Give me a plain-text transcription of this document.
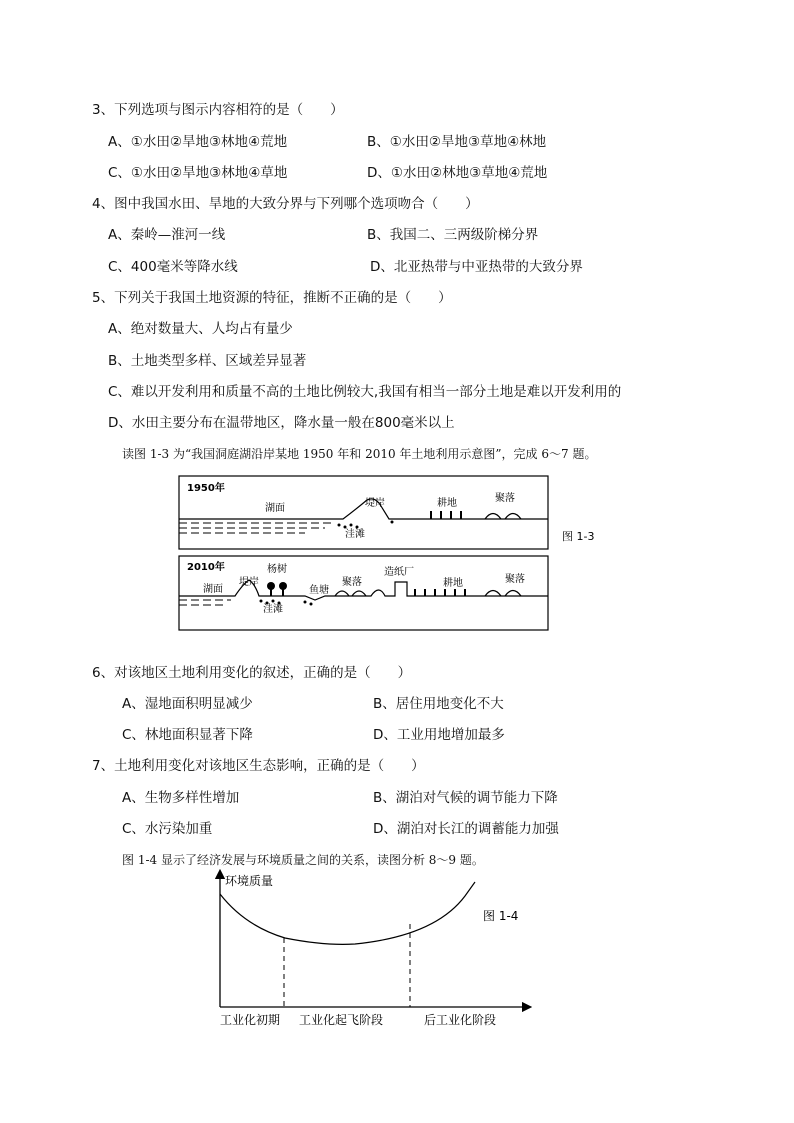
3、下列选项与图示内容相符的是（　　）
A、①水田②旱地③林地④荒地	B、①水田②旱地③草地④林地
C、①水田②旱地③林地④草地	D、①水田②林地③草地④荒地
4、图中我国水田、旱地的大致分界与下列哪个选项吻合（　　）
A、秦岭—淮河一线	B、我国二、三两级阶梯分界
C、400毫米等降水线	D、北亚热带与中亚热带的大致分界
5、下列关于我国土地资源的特征，推断不正确的是（　　）
A、绝对数量大、人均占有量少
B、土地类型多样、区域差异显著
C、难以开发利用和质量不高的土地比例较大,我国有相当一部分土地是难以开发利用的
D、水田主要分布在温带地区，降水量一般在800毫米以上
读图 1-3 为“我国洞庭湖沿岸某地 1950 年和 2010 年土地利用示意图”，完成 6～7 题。
1950年
湖面	堤岸	耕地	聚落
洼滩	图 1-3
2010年
湖面
堤岸
杨树
鱼塘
聚落
造纸厂
耕地	聚落
洼滩
6、对该地区土地利用变化的叙述，正确的是（　　）
A、湿地面积明显减少	B、居住用地变化不大
C、林地面积显著下降	D、工业用地增加最多
7、土地利用变化对该地区生态影响，正确的是（　　）
A、生物多样性增加	B、湖泊对气候的调节能力下降
C、水污染加重	D、湖泊对长江的调蓄能力加强
图 1-4 显示了经济发展与环境质量之间的关系，读图分析 8～9 题。
环境质量
图 1-4
工业化初期 工业化起飞阶段	后工业化阶段
